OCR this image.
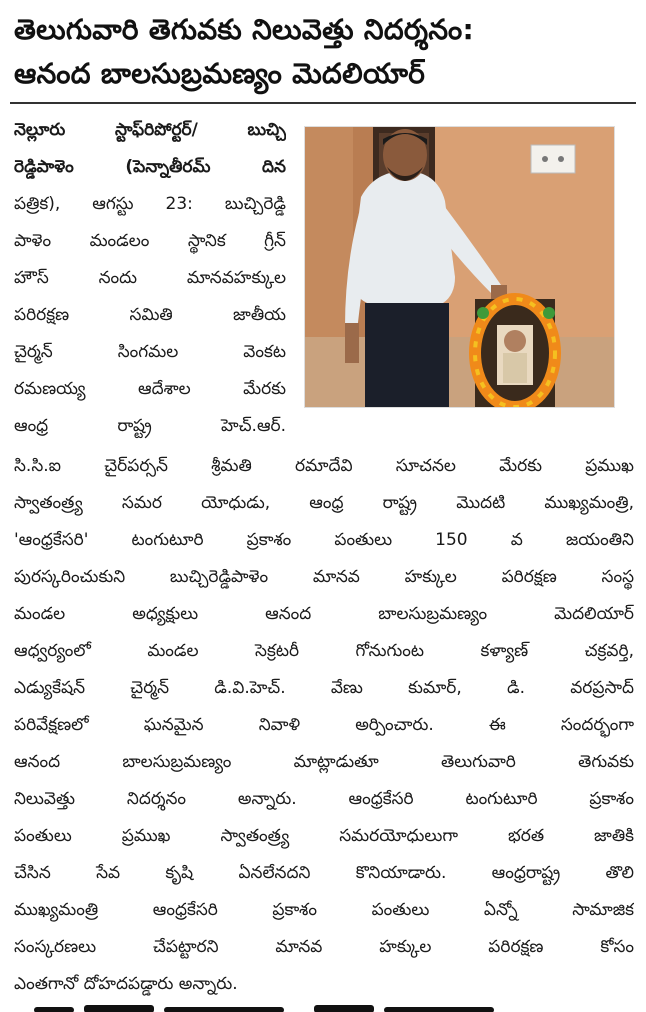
తెలుగువారి తెగువకు నిలువెత్తు నిదర్శనం:
ఆనంద బాలసుబ్రమణ్యం మెదలియార్
నెల్లూరు స్టాఫ్‌రిపోర్టర్/ బుచ్చి
రెడ్డిపాళెం (పెన్నాతీరమ్ దిన
పత్రిక), ఆగస్టు 23: బుచ్చిరెడ్డి
పాళెం మండలం స్థానిక గ్రీన్
హౌస్ నందు మానవహక్కుల
పరిరక్షణ సమితి జాతీయ
చైర్మన్ సింగమల వెంకట
రమణయ్య ఆదేశాల మేరకు
ఆంధ్ర రాష్ట్ర హెచ్.ఆర్.
సి.సి.ఐ చైర్‌పర్సన్ శ్రీమతి రమాదేవి సూచనల మేరకు ప్రముఖ
స్వాతంత్ర్య సమర యోధుడు, ఆంధ్ర రాష్ట్ర మొదటి ముఖ్యమంత్రి,
'ఆంధ్రకేసరి' టంగుటూరి ప్రకాశం పంతులు 150 వ జయంతిని
పురస్కరించుకుని బుచ్చిరెడ్డిపాళెం మానవ హక్కుల పరిరక్షణ సంస్థ
మండల అధ్యక్షులు ఆనంద బాలసుబ్రమణ్యం మెదలియార్
ఆధ్వర్యంలో మండల సెక్రటరీ గోనుగుంట కళ్యాణ్ చక్రవర్తి,
ఎడ్యుకేషన్ చైర్మన్ డి.వి.హెచ్. వేణు కుమార్, డి. వరప్రసాద్
పరివేక్షణలో ఘనమైన నివాళి అర్పించారు. ఈ సందర్భంగా
ఆనంద బాలసుబ్రమణ్యం మాట్లాడుతూ తెలుగువారి తెగువకు
నిలువెత్తు నిదర్శనం అన్నారు. ఆంధ్రకేసరి టంగుటూరి ప్రకాశం
పంతులు ప్రముఖ స్వాతంత్ర్య సమరయోధులుగా భరత జాతికి
చేసిన సేవ కృషి ఏనలేనదని కొనియాడారు. ఆంధ్రరాష్ట్ర తొలి
ముఖ్యమంత్రి ఆంధ్రకేసరి ప్రకాశం పంతులు ఏన్నో సామాజిక
సంస్కరణలు చేపట్టారని మానవ హక్కుల పరిరక్షణ కోసం
ఎంతగానో దోహదపడ్డారు అన్నారు.
